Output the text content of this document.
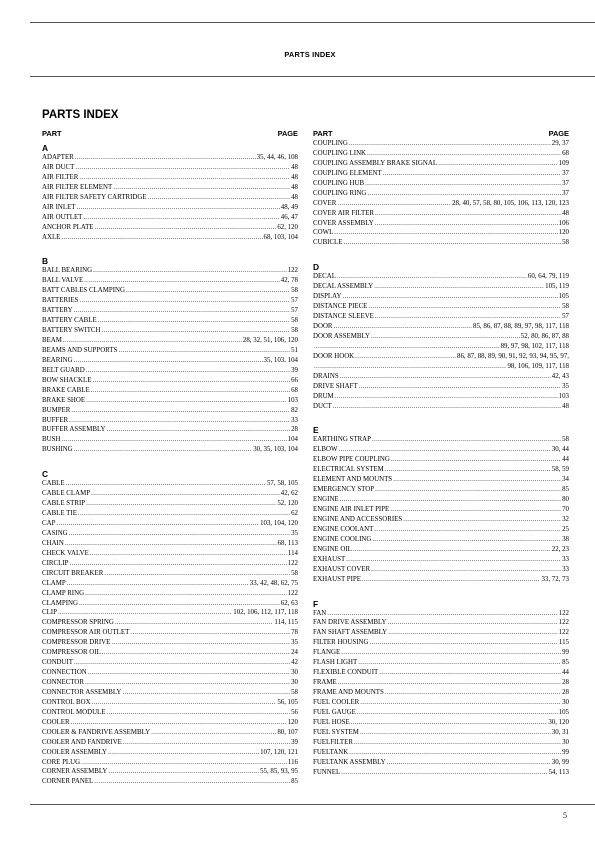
PARTS INDEX
PARTS INDEX
PART	PAGE
A
ADAPTER .....	35, 44, 46, 108
AIR DUCT .....	48
AIR FILTER .....	48
AIR FILTER ELEMENT .....	48
AIR FILTER SAFETY CARTRIDGE .....	48
AIR INLET .....	48, 49
AIR OUTLET .....	46, 47
ANCHOR PLATE .....	62, 120
AXLE .....	68, 103, 104
B
BALL BEARING .....	122
BALL VALVE .....	42, 78
BATT CABLES CLAMPING .....	58
BATTERIES .....	57
BATTERY .....	57
BATTERY CABLE .....	58
BATTERY SWITCH .....	58
BEAM .....	28, 32, 51, 106, 120
BEAMS AND SUPPORTS .....	51
BEARING .....	35, 103, 104
BELT GUARD .....	39
BOW SHACKLE .....	66
BRAKE CABLE .....	68
BRAKE SHOE .....	103
BUMPER .....	82
BUFFER .....	33
BUFFER ASSEMBLY .....	28
BUSH .....	104
BUSHING .....	30, 35, 103, 104
C
CABLE .....	57, 58, 105
CABLE CLAMP .....	42, 62
CABLE STRIP .....	52, 120
CABLE TIE .....	62
CAP .....	103, 104, 120
CASING .....	35
CHAIN .....	68, 113
CHECK VALVE .....	114
CIRCLIP .....	122
CIRCUIT BREAKER .....	58
CLAMP .....	33, 42, 48, 62, 75
CLAMP RING .....	122
CLAMPING .....	62, 63
CLIP .....	102, 106, 112, 117, 118
COMPRESSOR SPRING .....	114, 115
COMPRESSOR AIR OUTLET .....	78
COMPRESSOR DRIVE .....	35
COMPRESSOR OIL .....	24
CONDUIT .....	42
CONNECTION .....	30
CONNECTOR .....	30
CONNECTOR ASSEMBLY .....	58
CONTROL BOX .....	56, 105
CONTROL MODULE .....	56
COOLER .....	120
COOLER & FANDRIVE ASSEMBLY .....	80, 107
COOLER AND FANDRIVE .....	39
COOLER ASSEMBLY .....	107, 120, 121
CORE PLUG .....	116
CORNER ASSEMBLY .....	55, 85, 93, 95
CORNER PANEL .....	85
PART	PAGE
COUPLING .....	29, 37
COUPLING LINK .....	68
COUPLING ASSEMBLY BRAKE SIGNAL .....	109
COUPLING ELEMENT .....	37
COUPLING HUB .....	37
COUPLING RING .....	37
COVER .....	28, 40, 57, 58, 80, 105, 106, 113, 120, 123
COVER AIR FILTER .....	48
COVER ASSEMBLY .....	106
COWL .....	120
CUBICLE .....	58
D
DECAL .....	60, 64, 79, 119
DECAL ASSEMBLY .....	105, 119
DISPLAY .....	105
DISTANCE PIECE .....	58
DISTANCE SLEEVE .....	57
DOOR .....	85, 86, 87, 88, 89, 97, 98, 117, 118
DOOR ASSEMBLY .....	52, 80, 86, 87, 88
.....
89, 97, 98, 102, 117, 118
DOOR HOOK .....	86, 87, 88, 89, 90, 91, 92, 93, 94, 95, 97,
.....
98, 106, 109, 117, 118
DRAINS .....	42, 43
DRIVE SHAFT .....	35
DRUM .....	103
DUCT .....	48
E
EARTHING STRAP .....	58
ELBOW .....	30, 44
ELBOW PIPE COUPLING .....	44
ELECTRICAL SYSTEM .....	58, 59
ELEMENT AND MOUNTS .....	34
EMERGENCY STOP .....	85
ENGINE .....	80
ENGINE AIR INLET PIPE .....	70
ENGINE AND ACCESSORIES .....	32
ENGINE COOLANT .....	25
ENGINE COOLING .....	38
ENGINE OIL .....	22, 23
EXHAUST .....	33
EXHAUST COVER .....	33
EXHAUST PIPE .....	33, 72, 73
F
FAN .....	122
FAN DRIVE ASSEMBLY .....	122
FAN SHAFT ASSEMBLY .....	122
FILTER HOUSING .....	115
FLANGE .....	99
FLASH LIGHT .....	85
FLEXIBLE CONDUIT .....	44
FRAME .....	28
FRAME AND MOUNTS .....	28
FUEL COOLER .....	30
FUEL GAUGE .....	105
FUEL HOSE .....	30, 120
FUEL SYSTEM .....	30, 31
FUELFILTER .....	30
FUELTANK .....	99
FUELTANK ASSEMBLY .....	30, 99
FUNNEL .....	54, 113
5
